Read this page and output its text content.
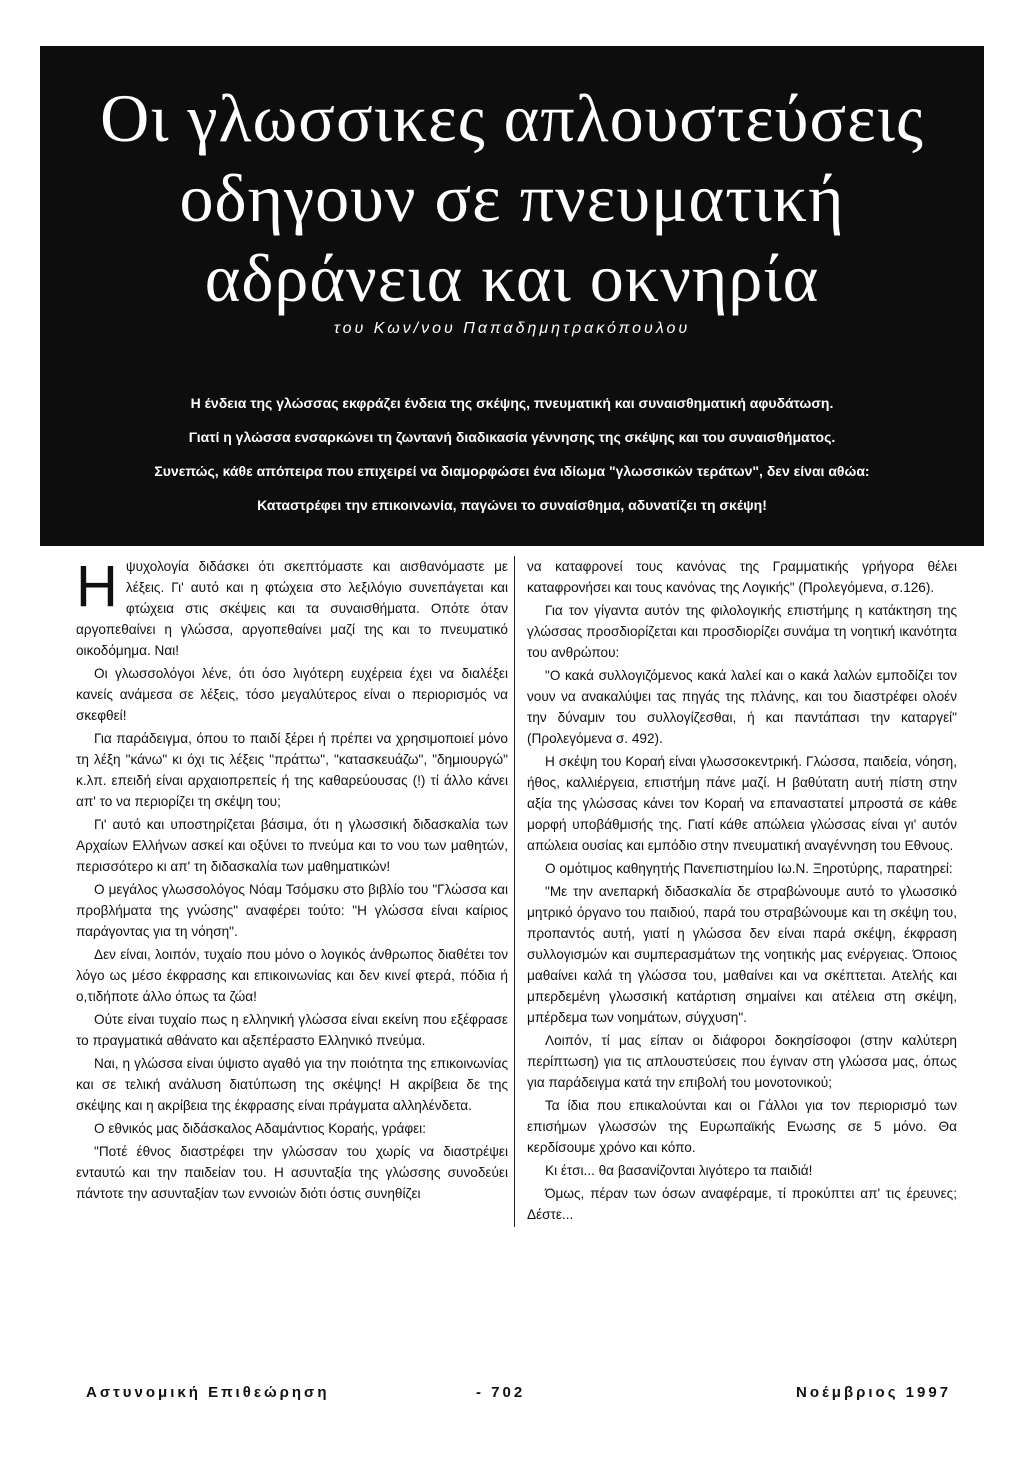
Οι γλωσσικες απλουστεύσεις
οδηγουν σε πνευματική
αδράνεια και οκνηρία
του Κων/νου Παπαδημητρακόπουλου
Η ένδεια της γλώσσας εκφράζει ένδεια της σκέψης, πνευματική και συναισθηματική αφυδάτωση.
Γιατί η γλώσσα ενσαρκώνει τη ζωντανή διαδικασία γέννησης της σκέψης και του συναισθήματος.
Συνεπώς, κάθε απόπειρα που επιχειρεί να διαμορφώσει ένα ιδίωμα "γλωσσικών τεράτων", δεν είναι αθώα:
Καταστρέφει την επικοινωνία, παγώνει το συναίσθημα, αδυνατίζει τη σκέψη!

Ηψυχολογία διδάσκει ότι σκεπτόμαστε και αισθανόμαστε με λέξεις. Γι' αυτό και η φτώχεια στο λεξιλόγιο συνεπάγεται και φτώχεια στις σκέψεις και τα συναισθήματα. Οπότε όταν αργοπεθαίνει η γλώσσα, αργοπεθαίνει μαζί της και το πνευματικό οικοδόμημα. Ναι!

Οι γλωσσολόγοι λένε, ότι όσο λιγότερη ευχέρεια έχει να διαλέξει κανείς ανάμεσα σε λέξεις, τόσο μεγαλύτερος είναι ο περιορισμός να σκεφθεί!

Για παράδειγμα, όπου το παιδί ξέρει ή πρέπει να χρησιμοποιεί μόνο τη λέξη "κάνω" κι όχι τις λέξεις "πράττω", "κατασκευάζω", "δημιουργώ" κ.λπ. επειδή είναι αρχαιοπρεπείς ή της καθαρεύουσας (!) τί άλλο κάνει απ' το να περιορίζει τη σκέψη του;

Γι' αυτό και υποστηρίζεται βάσιμα, ότι η γλωσσική διδασκαλία των Αρχαίων Ελλήνων ασκεί και οξύνει το πνεύμα και το νου των μαθητών, περισσότερο κι απ' τη διδασκαλία των μαθηματικών!

Ο μεγάλος γλωσσολόγος Νόαμ Τσόμσκυ στο βιβλίο του "Γλώσσα και προβλήματα της γνώσης" αναφέρει τούτο: "Η γλώσσα είναι καίριος παράγοντας για τη νόηση".

Δεν είναι, λοιπόν, τυχαίο που μόνο ο λογικός άνθρωπος διαθέτει τον λόγο ως μέσο έκφρασης και επικοινωνίας και δεν κινεί φτερά, πόδια ή ο,τιδήποτε άλλο όπως τα ζώα!

Ούτε είναι τυχαίο πως η ελληνική γλώσσα είναι εκείνη που εξέφρασε το πραγματικά αθάνατο και αξεπέραστο Ελληνικό πνεύμα.

Ναι, η γλώσσα είναι ύψιστο αγαθό για την ποιότητα της επικοινωνίας και σε τελική ανάλυση διατύπωση της σκέψης! Η ακρίβεια δε της σκέψης και η ακρίβεια της έκφρασης είναι πράγματα αλληλένδετα.

Ο εθνικός μας διδάσκαλος Αδαμάντιος Κοραής, γράφει:

"Ποτέ έθνος διαστρέφει την γλώσσαν του χωρίς να διαστρέψει ενταυτώ και την παιδείαν του. Η ασυνταξία της γλώσσης συνοδεύει πάντοτε την ασυνταξίαν των εννοιών διότι όστις συνηθίζει

να καταφρονεί τους κανόνας της Γραμματικής γρήγορα θέλει καταφρονήσει και τους κανόνας της Λογικής" (Προλεγόμενα, σ.126).

Για τον γίγαντα αυτόν της φιλολογικής επιστήμης η κατάκτηση της γλώσσας προσδιορίζεται και προσδιορίζει συνάμα τη νοητική ικανότητα του ανθρώπου:

"Ο κακά συλλογιζόμενος κακά λαλεί και ο κακά λαλών εμποδίζει τον νουν να ανακαλύψει τας πηγάς της πλάνης, και του διαστρέφει ολοέν την δύναμιν του συλλογίζεσθαι, ή και παντάπασι την καταργεί" (Προλεγόμενα σ. 492).

Η σκέψη του Κοραή είναι γλωσσοκεντρική. Γλώσσα, παιδεία, νόηση, ήθος, καλλιέργεια, επιστήμη πάνε μαζί. Η βαθύτατη αυτή πίστη στην αξία της γλώσσας κάνει τον Κοραή να επαναστατεί μπροστά σε κάθε μορφή υποβάθμισής της. Γιατί κάθε απώλεια γλώσσας είναι γι' αυτόν απώλεια ουσίας και εμπόδιο στην πνευματική αναγέννηση του Εθνους.

Ο ομότιμος καθηγητής Πανεπιστημίου Ιω.Ν. Ξηροτύρης, παρατηρεί:

"Με την ανεπαρκή διδασκαλία δε στραβώνουμε αυτό το γλωσσικό μητρικό όργανο του παιδιού, παρά του στραβώνουμε και τη σκέψη του, προπαντός αυτή, γιατί η γλώσσα δεν είναι παρά σκέψη, έκφραση συλλογισμών και συμπερασμάτων της νοητικής μας ενέργειας. Όποιος μαθαίνει καλά τη γλώσσα του, μαθαίνει και να σκέπτεται. Ατελής και μπερδεμένη γλωσσική κατάρτιση σημαίνει και ατέλεια στη σκέψη, μπέρδεμα των νοημάτων, σύγχυση".

Λοιπόν, τί μας είπαν οι διάφοροι δοκησίσοφοι (στην καλύτερη περίπτωση) για τις απλουστεύσεις που έγιναν στη γλώσσα μας, όπως για παράδειγμα κατά την επιβολή του μονοτονικού;

Τα ίδια που επικαλούνται και οι Γάλλοι για τον περιορισμό των επισήμων γλωσσών της Ευρωπαϊκής Ενωσης σε 5 μόνο. Θα κερδίσουμε χρόνο και κόπο.

Κι έτσι... θα βασανίζονται λιγότερο τα παιδιά!

Όμως, πέραν των όσων αναφέραμε, τί προκύπτει απ' τις έρευνες; Δέστε...

Αστυνομική Επιθεώρηση	- 702	Νοέμβριος 1997
